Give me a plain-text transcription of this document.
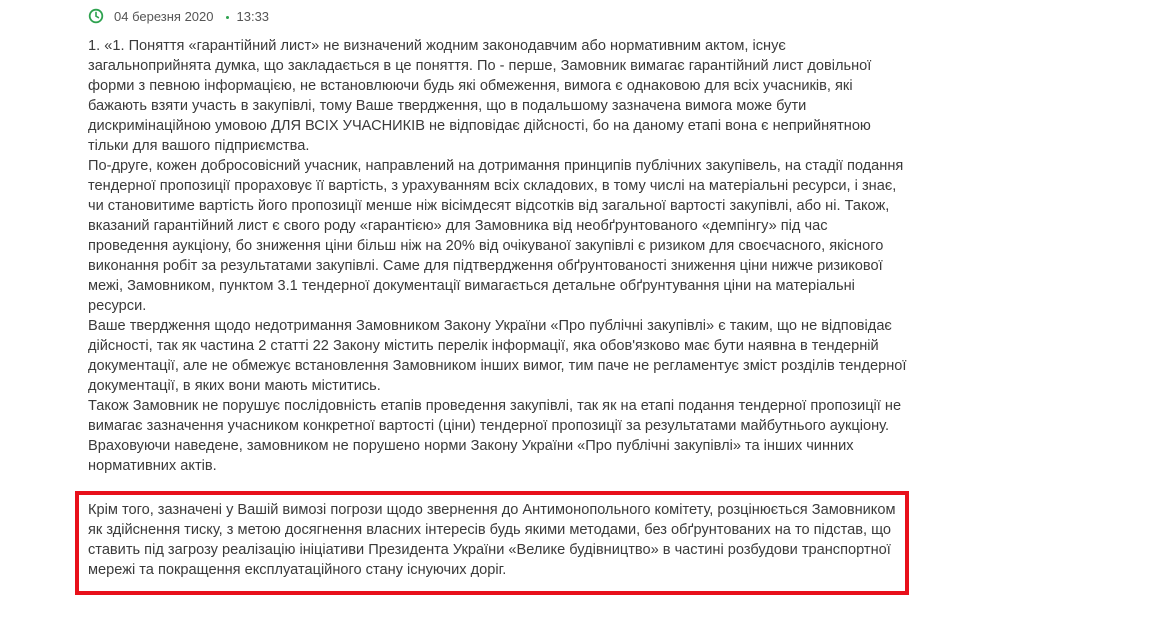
04 березня 2020 13:33

1. «1. Поняття «гарантійний лист» не визначений жодним законодавчим або нормативним актом, існує загальноприйнята думка, що закладається в це поняття. По - перше, Замовник вимагає гарантійний лист довільної форми з певною інформацією, не встановлюючи будь які обмеження, вимога є однаковою для всіх учасників, які бажають взяти участь в закупівлі, тому Ваше твердження, що в подальшому зазначена вимога може бути дискримінаційною умовою ДЛЯ ВСІХ УЧАСНИКІВ не відповідає дійсності, бо на даному етапі вона є неприйнятною тільки для вашого підприємства.

По-друге, кожен добросовісний учасник, направлений на дотримання принципів публічних закупівель, на стадії подання тендерної пропозиції прораховує її вартість, з урахуванням всіх складових, в тому числі на матеріальні ресурси, і знає, чи становитиме вартість його пропозиції менше ніж вісімдесят відсотків від загальної вартості закупівлі, або ні. Також, вказаний гарантійний лист є свого роду «гарантією» для Замовника від необґрунтованого «демпінгу» під час проведення аукціону, бо зниження ціни більш ніж на 20% від очікуваної закупівлі є ризиком для своєчасного, якісного виконання робіт за результатами закупівлі. Саме для підтвердження обґрунтованості зниження ціни нижче ризикової межі, Замовником, пунктом 3.1 тендерної документації вимагається детальне обґрунтування ціни на матеріальні ресурси.

Ваше твердження щодо недотримання Замовником Закону України «Про публічні закупівлі» є таким, що не відповідає дійсності, так як частина 2 статті 22 Закону містить перелік інформації, яка обов'язково має бути наявна в тендерній документації, але не обмежує встановлення Замовником інших вимог, тим паче не регламентує зміст розділів тендерної документації, в яких вони мають міститись.

Також Замовник не порушує послідовність етапів проведення закупівлі, так як на етапі подання тендерної пропозиції не вимагає зазначення учасником конкретної вартості (ціни) тендерної пропозиції за результатами майбутнього аукціону.

Враховуючи наведене, замовником не порушено норми Закону України «Про публічні закупівлі» та інших чинних нормативних актів.

Крім того, зазначені у Вашій вимозі погрози щодо звернення до Антимонопольного комітету, розцінюється Замовником як здійснення тиску, з метою досягнення власних інтересів будь якими методами, без обґрунтованих на то підстав, що ставить під загрозу реалізацію ініціативи Президента України «Велике будівництво» в частині розбудови транспортної мережі та покращення експлуатаційного стану існуючих доріг.
